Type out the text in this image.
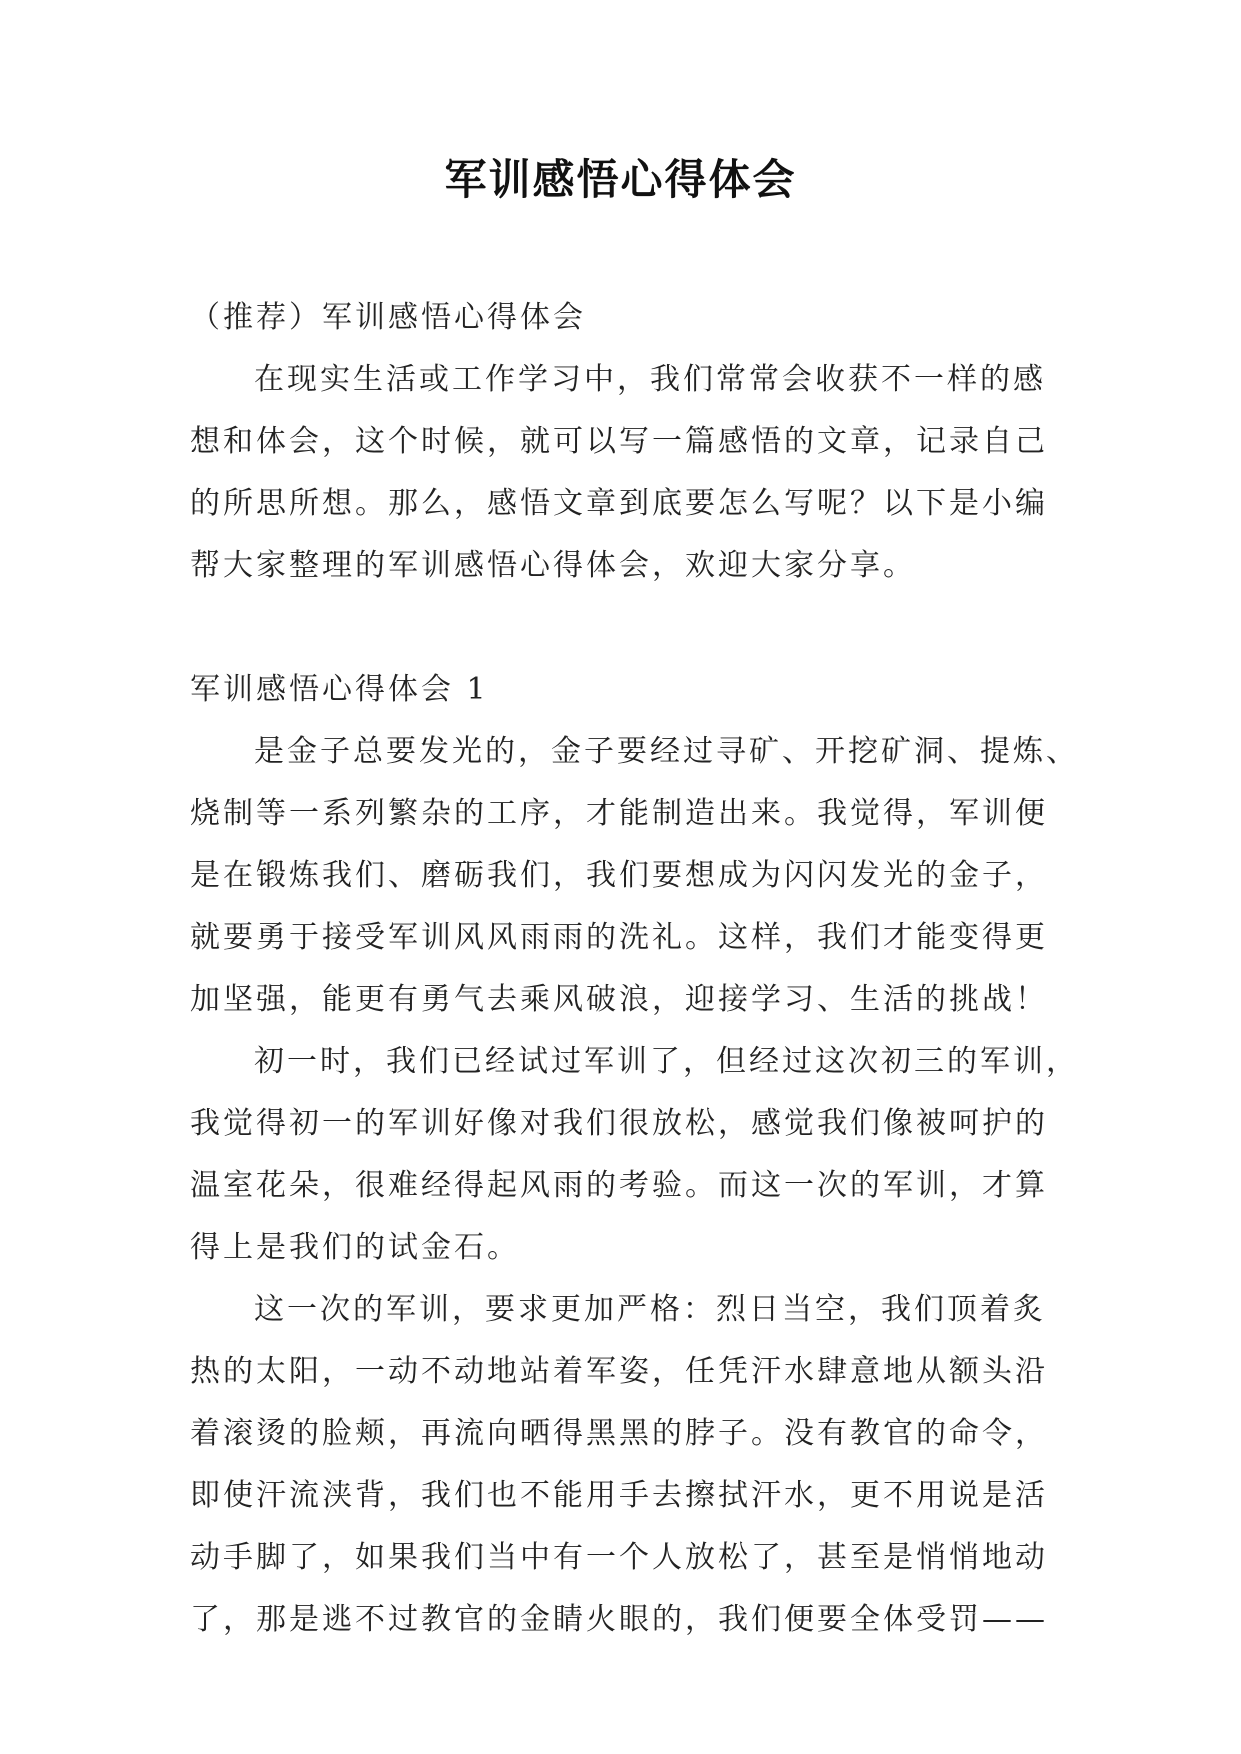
军训感悟心得体会
（推荐）军训感悟心得体会
在现实生活或工作学习中，我们常常会收获不一样的感
想和体会，这个时候，就可以写一篇感悟的文章，记录自己
的所思所想。那么，感悟文章到底要怎么写呢？以下是小编
帮大家整理的军训感悟心得体会，欢迎大家分享。
军训感悟心得体会 1
是金子总要发光的，金子要经过寻矿、开挖矿洞、提炼、
烧制等一系列繁杂的工序，才能制造出来。我觉得，军训便
是在锻炼我们、磨砺我们，我们要想成为闪闪发光的金子，
就要勇于接受军训风风雨雨的洗礼。这样，我们才能变得更
加坚强，能更有勇气去乘风破浪，迎接学习、生活的挑战！
初一时，我们已经试过军训了，但经过这次初三的军训，
我觉得初一的军训好像对我们很放松，感觉我们像被呵护的
温室花朵，很难经得起风雨的考验。而这一次的军训，才算
得上是我们的试金石。
这一次的军训，要求更加严格：烈日当空，我们顶着炙
热的太阳，一动不动地站着军姿，任凭汗水肆意地从额头沿
着滚烫的脸颊，再流向晒得黑黑的脖子。没有教官的命令，
即使汗流浃背，我们也不能用手去擦拭汗水，更不用说是活
动手脚了，如果我们当中有一个人放松了，甚至是悄悄地动
了，那是逃不过教官的金睛火眼的，我们便要全体受罚——
